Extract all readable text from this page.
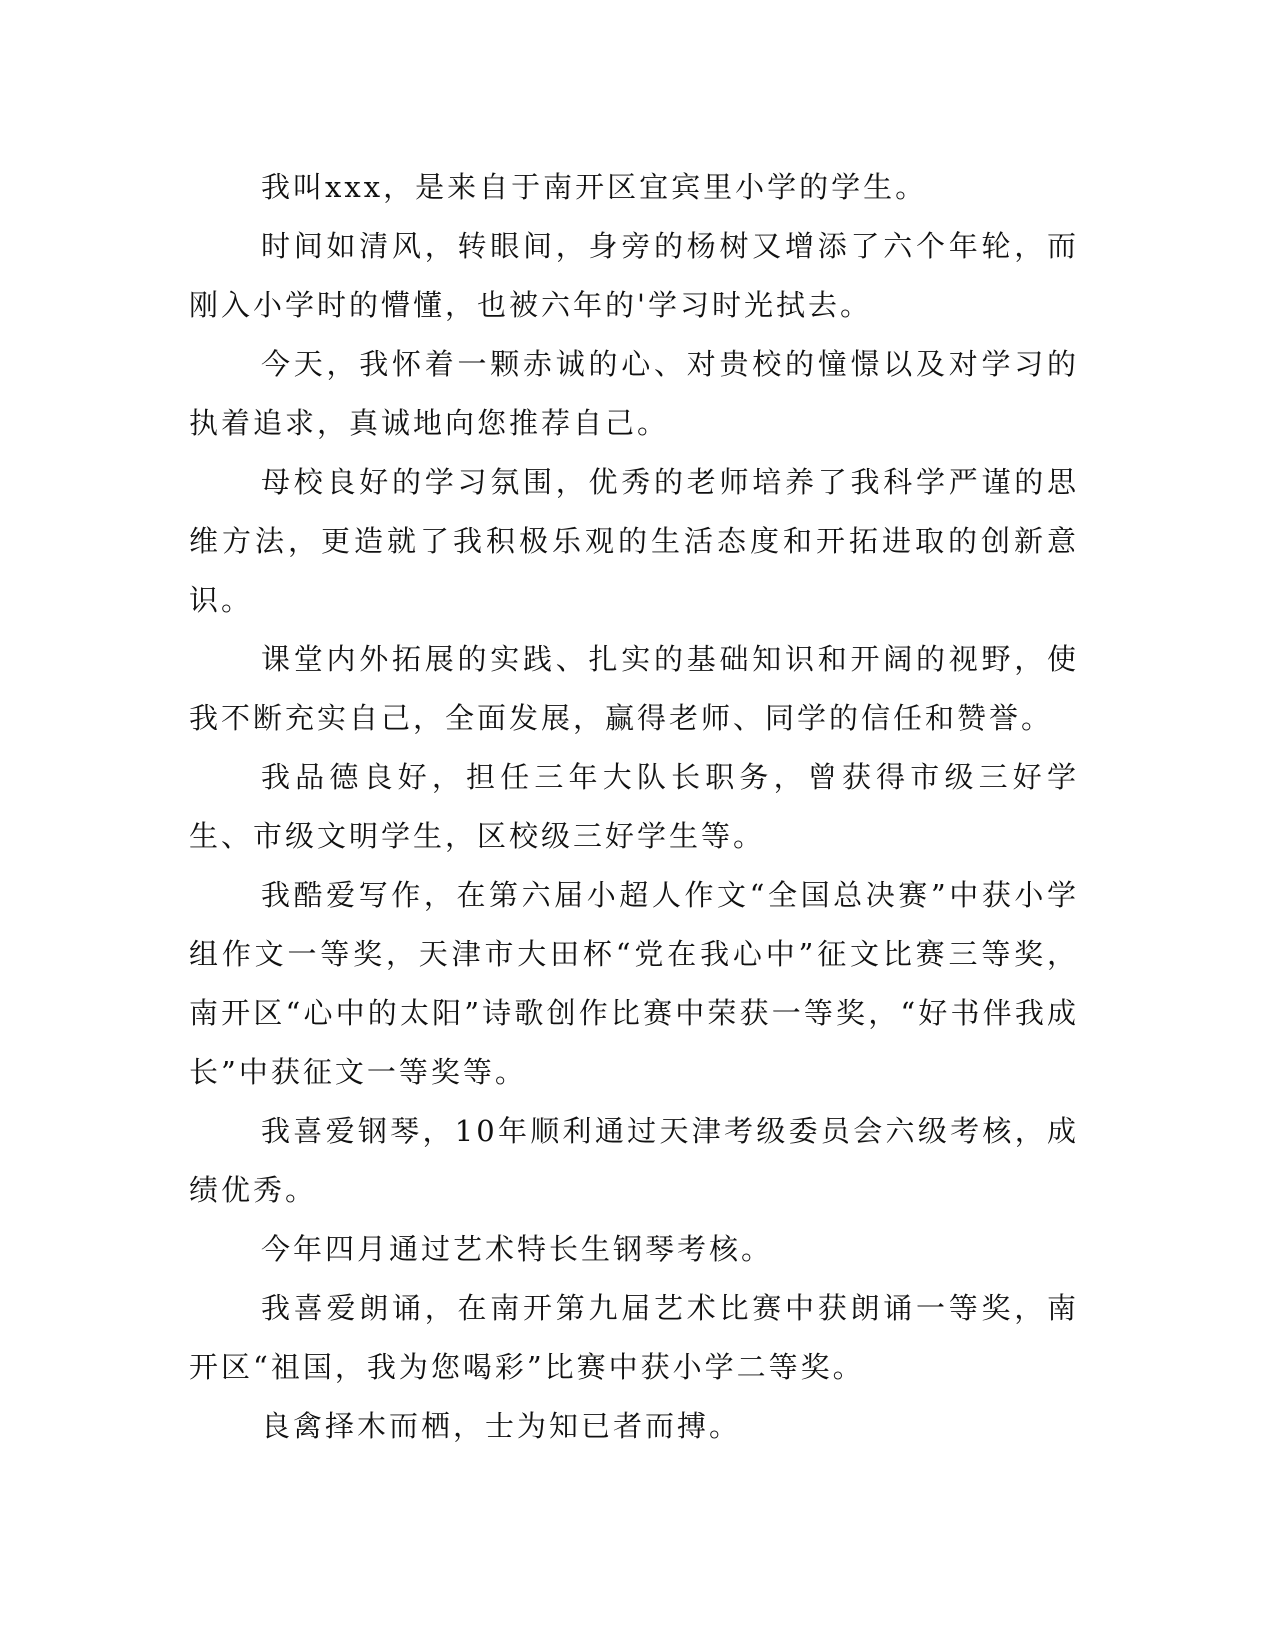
我叫xxx，是来自于南开区宜宾里小学的学生。

时间如清风，转眼间，身旁的杨树又增添了六个年轮，而刚入小学时的懵懂，也被六年的'学习时光拭去。

今天，我怀着一颗赤诚的心、对贵校的憧憬以及对学习的执着追求，真诚地向您推荐自己。

母校良好的学习氛围，优秀的老师培养了我科学严谨的思维方法，更造就了我积极乐观的生活态度和开拓进取的创新意识。

课堂内外拓展的实践、扎实的基础知识和开阔的视野，使我不断充实自己，全面发展，赢得老师、同学的信任和赞誉。

我品德良好，担任三年大队长职务，曾获得市级三好学生、市级文明学生，区校级三好学生等。

我酷爱写作，在第六届小超人作文“全国总决赛”中获小学组作文一等奖，天津市大田杯“党在我心中”征文比赛三等奖，南开区“心中的太阳”诗歌创作比赛中荣获一等奖，“好书伴我成长”中获征文一等奖等。

我喜爱钢琴，10年顺利通过天津考级委员会六级考核，成绩优秀。

今年四月通过艺术特长生钢琴考核。

我喜爱朗诵，在南开第九届艺术比赛中获朗诵一等奖，南开区“祖国，我为您喝彩”比赛中获小学二等奖。

良禽择木而栖，士为知已者而搏。
